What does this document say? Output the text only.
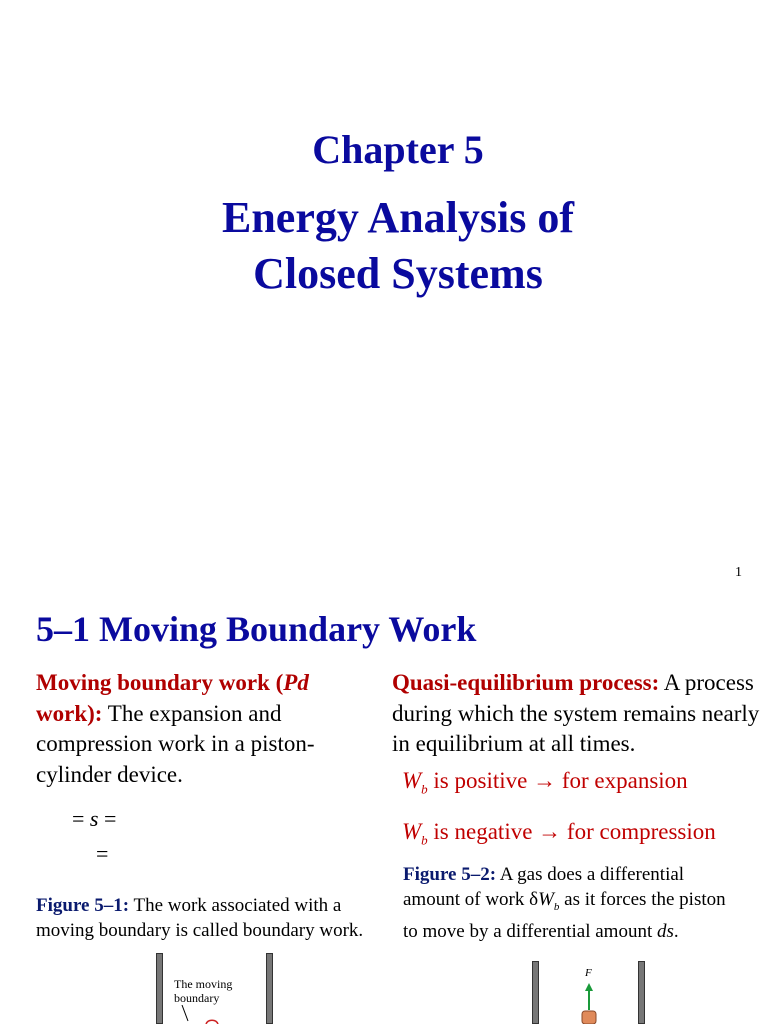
Chapter 5
Energy Analysis of
Closed Systems
1
5–1 Moving Boundary Work
Moving boundary work (Pd
work): The expansion and compression work in a piston-cylinder device.
= s =
=
Figure 5–1: The work associated with a moving boundary is called boundary work.
Quasi-equilibrium process: A process during which the system remains nearly in equilibrium at all times.
$W_b$ is positive → for expansion
$W_b$ is negative → for compression
Figure 5–2: A gas does a differential amount of work $\delta W_b$ as it forces the piston to move by a differential amount ds.
The moving boundary
F
